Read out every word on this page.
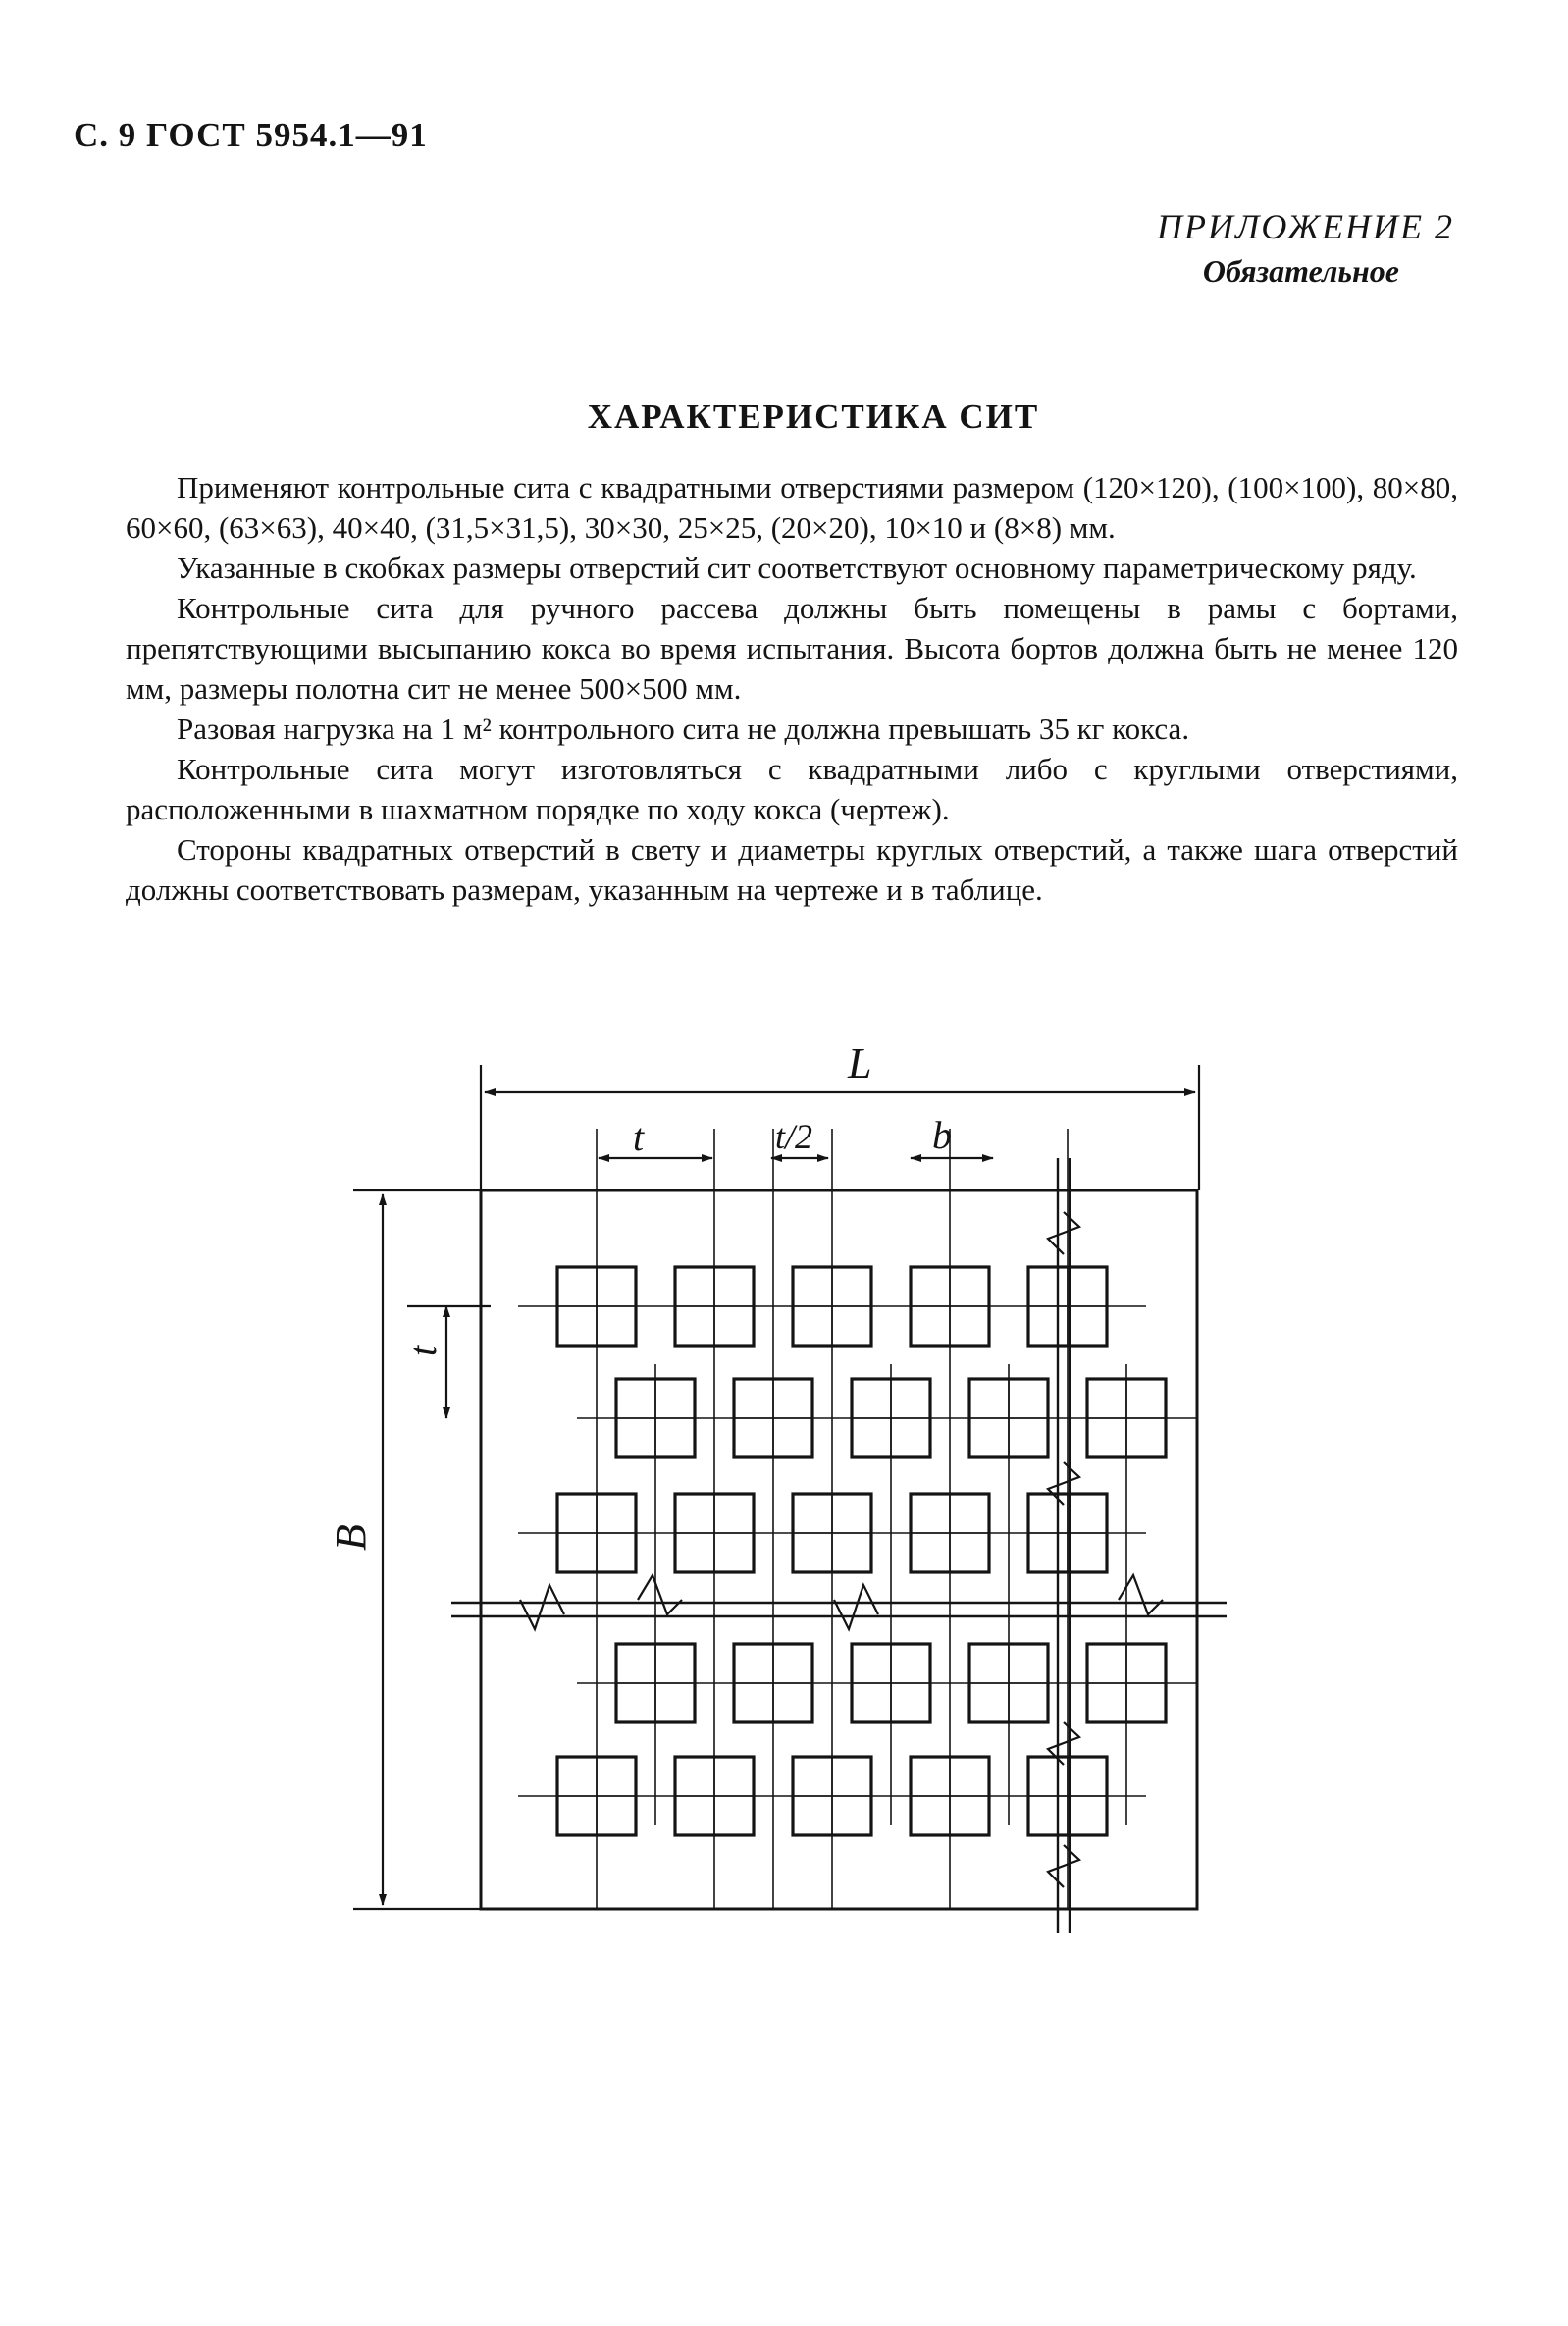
С. 9 ГОСТ 5954.1—91
ПРИЛОЖЕНИЕ 2
Обязательное
ХАРАКТЕРИСТИКА СИТ

Применяют контрольные сита с квадратными отверстиями размером (120×120), (100×100), 80×80, 60×60, (63×63), 40×40, (31,5×31,5), 30×30, 25×25, (20×20), 10×10 и (8×8) мм.

Указанные в скобках размеры отверстий сит соответствуют основному параметрическому ряду.

Контрольные сита для ручного рассева должны быть помещены в рамы с бортами, препятствующими высыпанию кокса во время испытания. Высота бортов должна быть не менее 120 мм, размеры полотна сит не менее 500×500 мм.

Разовая нагрузка на 1 м² контрольного сита не должна превышать 35 кг кокса.

Контрольные сита могут изготовляться с квадратными либо с круглыми отверстиями, расположенными в шахматном порядке по ходу кокса (чертеж).

Стороны квадратных отверстий в свету и диаметры круглых отверстий, а также шага отверстий должны соответствовать размерам, указанным на чертеже и в таблице.

L
t	t/2	b
t
B
